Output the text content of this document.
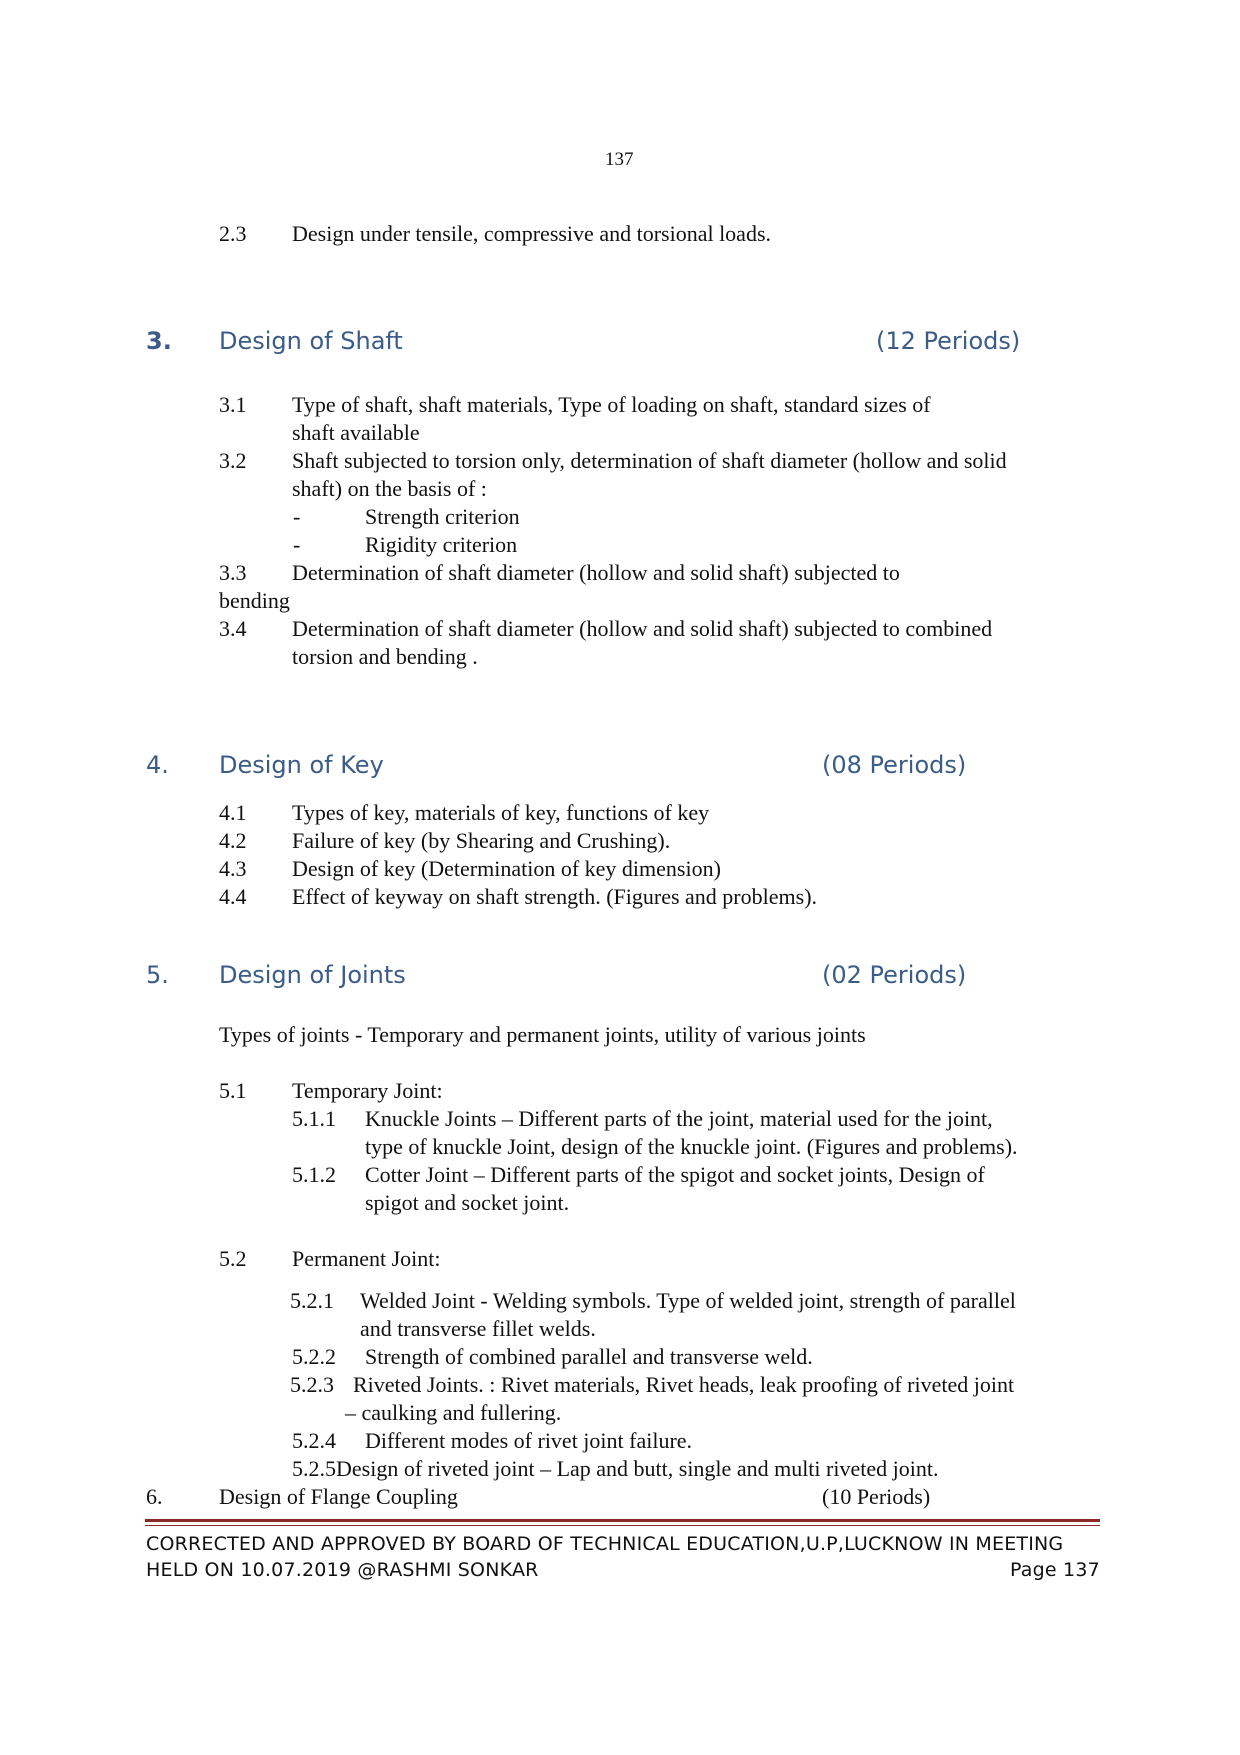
137
2.3 Design under tensile, compressive and torsional loads.
3. Design of Shaft	(12 Periods)
3.1 Type of shaft, shaft materials, Type of loading on shaft, standard sizes of
shaft available
3.2 Shaft subjected to torsion only, determination of shaft diameter (hollow and solid
shaft) on the basis of :
-	Strength criterion
-	Rigidity criterion
3.3 Determination of shaft diameter (hollow and solid shaft) subjected to
bending
3.4 Determination of shaft diameter (hollow and solid shaft) subjected to combined
torsion and bending .
4. Design of Key	(08 Periods)
4.1 Types of key, materials of key, functions of key
4.2 Failure of key (by Shearing and Crushing).
4.3 Design of key (Determination of key dimension)
4.4 Effect of keyway on shaft strength. (Figures and problems).
5. Design of Joints	(02 Periods)
Types of joints - Temporary and permanent joints, utility of various joints
5.1 Temporary Joint:
5.1.1 Knuckle Joints – Different parts of the joint, material used for the joint,
type of knuckle Joint, design of the knuckle joint. (Figures and problems).
5.1.2 Cotter Joint – Different parts of the spigot and socket joints, Design of
spigot and socket joint.
5.2 Permanent Joint:
5.2.1 Welded Joint - Welding symbols. Type of welded joint, strength of parallel
and transverse fillet welds.
5.2.2 Strength of combined parallel and transverse weld.
5.2.3 Riveted Joints. : Rivet materials, Rivet heads, leak proofing of riveted joint
– caulking and fullering.
5.2.4 Different modes of rivet joint failure.
5.2.5Design of riveted joint – Lap and butt, single and multi riveted joint.
6.	Design of Flange Coupling	(10 Periods)
CORRECTED AND APPROVED BY BOARD OF TECHNICAL EDUCATION,U.P,LUCKNOW IN MEETING
HELD ON 10.07.2019 @RASHMI SONKAR	Page 137
